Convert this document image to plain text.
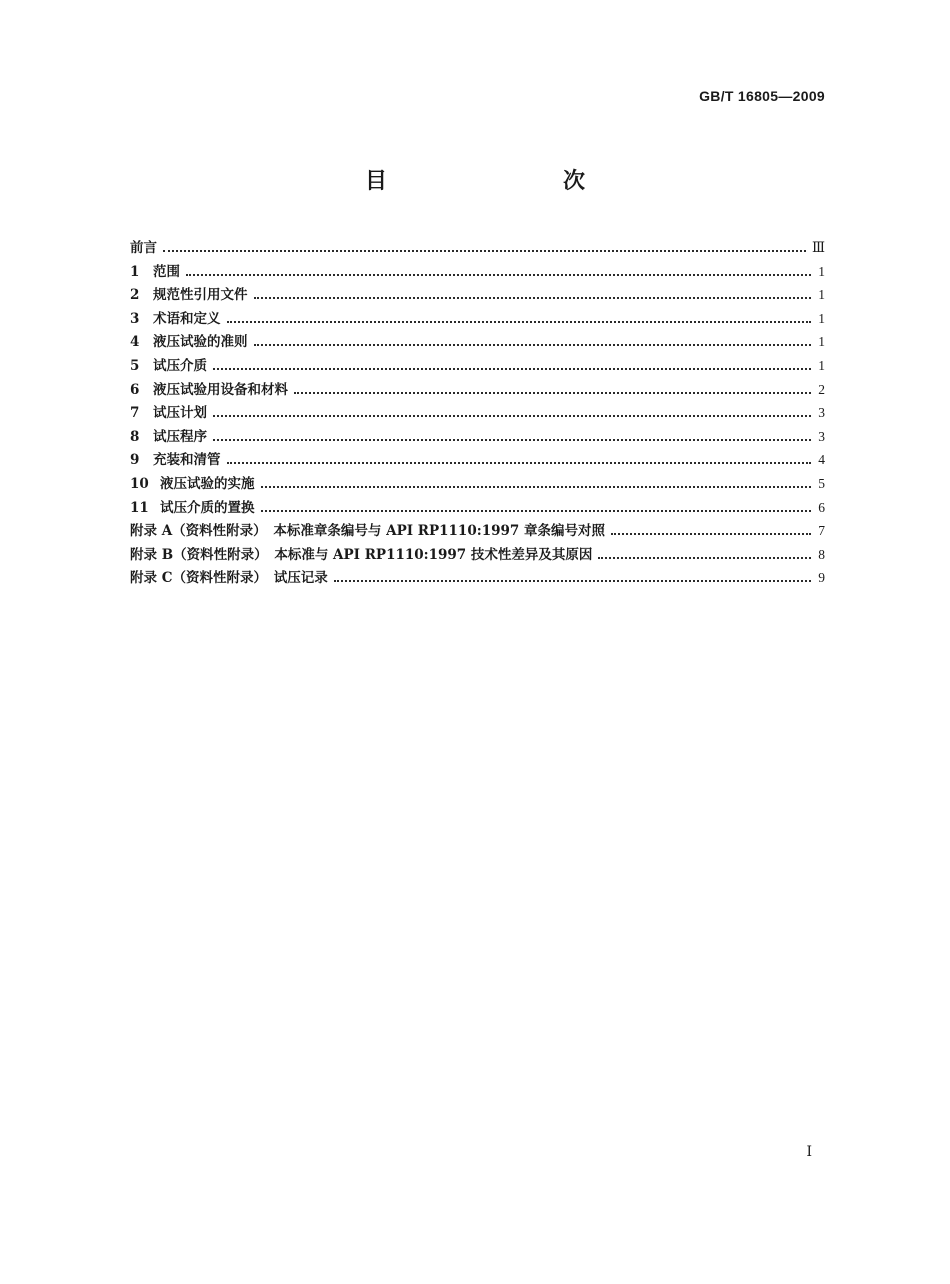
GB/T 16805—2009
目　　次
前言	Ⅲ
1	范围	1
2	规范性引用文件	1
3	术语和定义	1
4	液压试验的准则	1
5	试压介质	1
6	液压试验用设备和材料	2
7	试压计划	3
8	试压程序	3
9	充装和清管	4
10 液压试验的实施	5
11 试压介质的置换	6
附录 A（资料性附录）　本标准章条编号与 API RP1110:1997 章条编号对照	7
附录 B（资料性附录）　本标准与 API RP1110:1997 技术性差异及其原因	8
附录 C（资料性附录）　试压记录	9
Ⅰ
